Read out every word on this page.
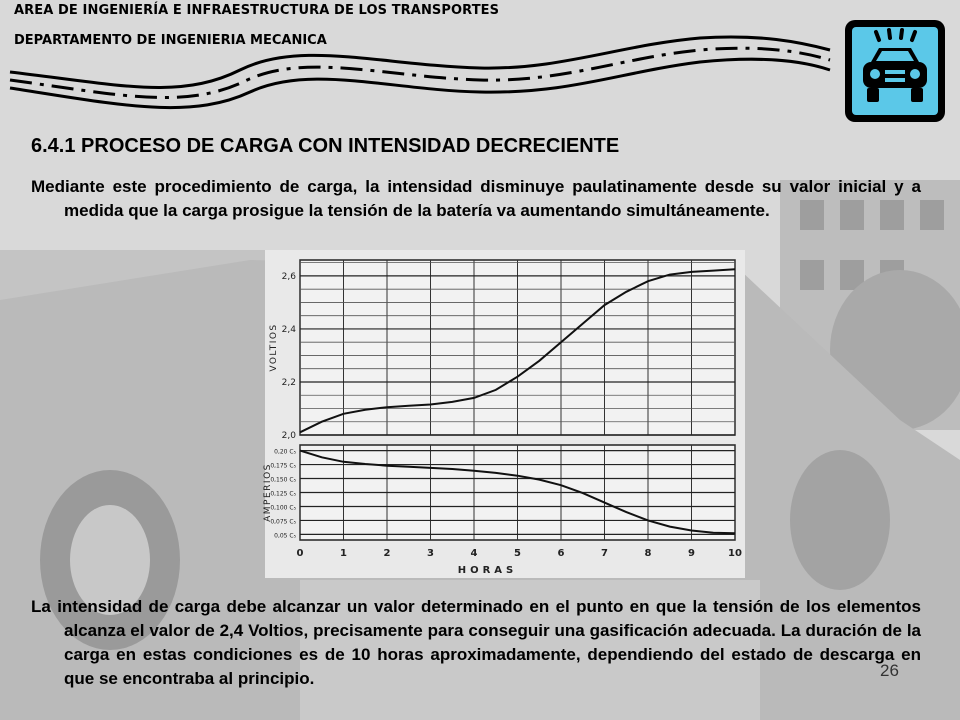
AREA DE INGENIERÍA E INFRAESTRUCTURA DE LOS TRANSPORTES
DEPARTAMENTO DE INGENIERIA MECANICA
6.4.1 PROCESO DE CARGA CON INTENSIDAD DECRECIENTE
Mediante este procedimiento de carga, la intensidad disminuye paulatinamente desde su valor inicial y a medida que la carga prosigue la tensión de la batería va aumentando simultáneamente.
2,0
2,2
2,4
2,6
VOLTIOS
0,05 C₅
0,075 C₅
0,100 C₅
0,125 C₅
0,150 C₅
0,175 C₅
0,20 C₅
AMPERIOS
0	1	2	3	4	5	6	7	8	9	10
HORAS
La intensidad de carga debe alcanzar un valor determinado en el punto en que la tensión de los elementos alcanza el valor de 2,4 Voltios, precisamente para conseguir una gasificación adecuada. La duración de la carga en estas condiciones es de 10 horas aproximadamente, dependiendo del estado de descarga en que se encontraba al principio.	26
